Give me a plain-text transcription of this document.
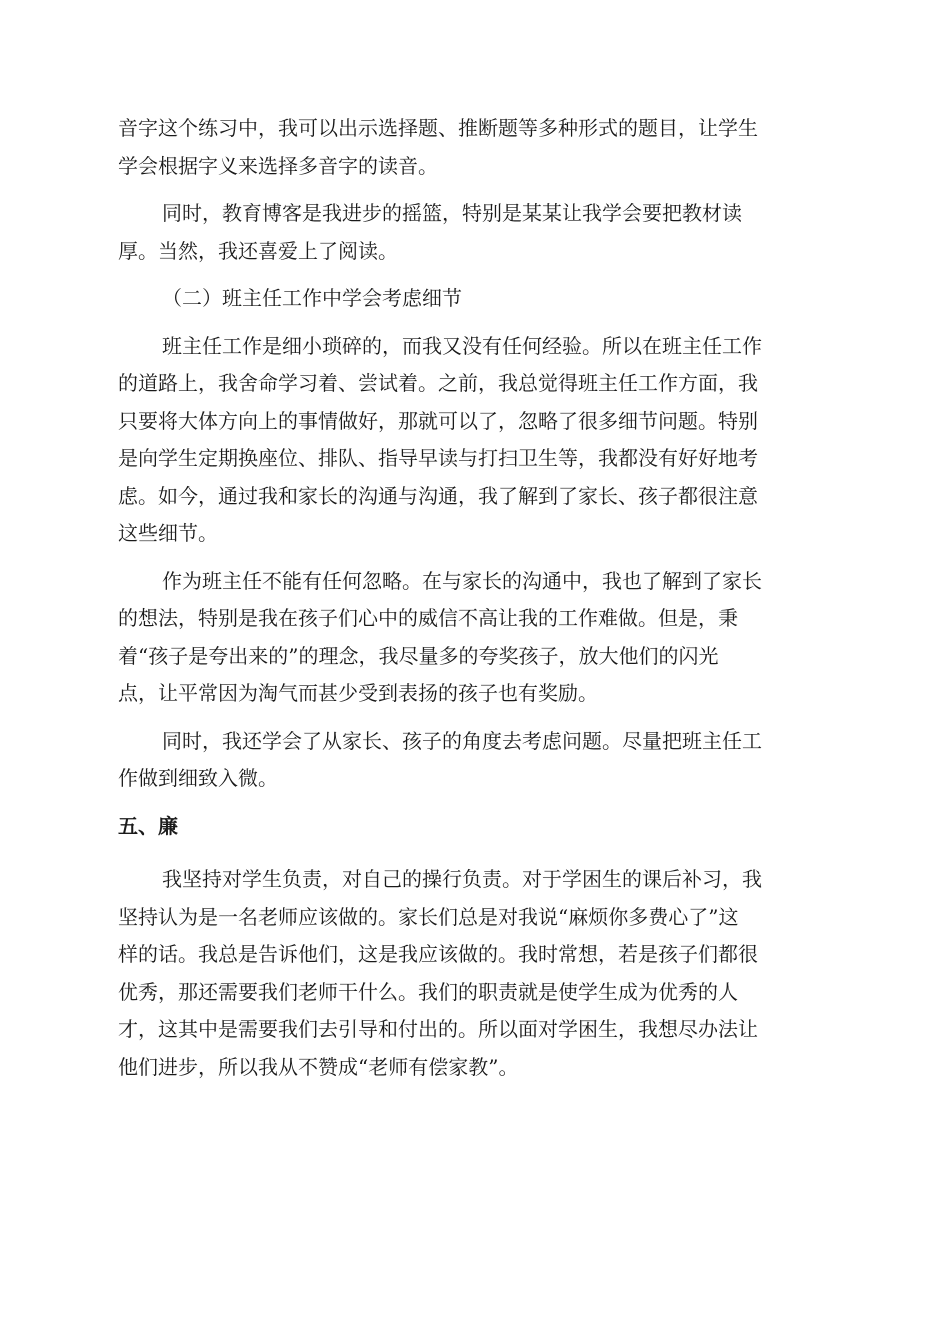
音字这个练习中，我可以出示选择题、推断题等多种形式的题目，让学生

学会根据字义来选择多音字的读音。

同时，教育博客是我进步的摇篮，特别是某某让我学会要把教材读

厚。当然，我还喜爱上了阅读。

（二）班主任工作中学会考虑细节

班主任工作是细小琐碎的，而我又没有任何经验。所以在班主任工作

的道路上，我舍命学习着、尝试着。之前，我总觉得班主任工作方面，我

只要将大体方向上的事情做好，那就可以了，忽略了很多细节问题。特别

是向学生定期换座位、排队、指导早读与打扫卫生等，我都没有好好地考

虑。如今，通过我和家长的沟通与沟通，我了解到了家长、孩子都很注意

这些细节。

作为班主任不能有任何忽略。在与家长的沟通中，我也了解到了家长

的想法，特别是我在孩子们心中的威信不高让我的工作难做。但是，秉

着“孩子是夸出来的”的理念，我尽量多的夸奖孩子，放大他们的闪光

点，让平常因为淘气而甚少受到表扬的孩子也有奖励。

同时，我还学会了从家长、孩子的角度去考虑问题。尽量把班主任工

作做到细致入微。

五、廉

我坚持对学生负责，对自己的操行负责。对于学困生的课后补习，我

坚持认为是一名老师应该做的。家长们总是对我说“麻烦你多费心了”这

样的话。我总是告诉他们，这是我应该做的。我时常想，若是孩子们都很

优秀，那还需要我们老师干什么。我们的职责就是使学生成为优秀的人

才，这其中是需要我们去引导和付出的。所以面对学困生，我想尽办法让

他们进步，所以我从不赞成“老师有偿家教”。
